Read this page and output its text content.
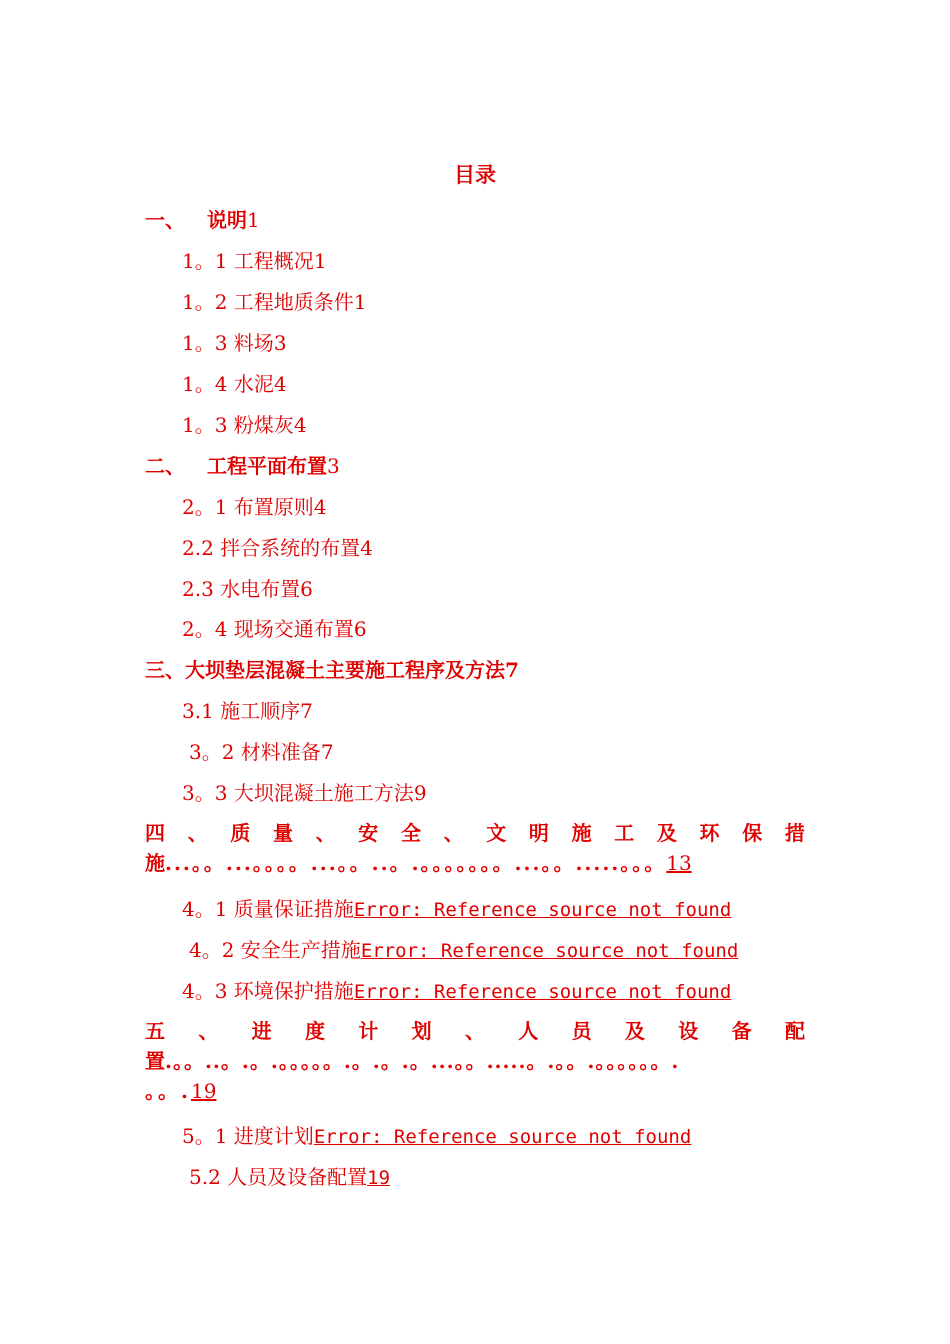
目录
一、 说明1
1。1 工程概况1
1。2 工程地质条件1
1。3 料场3
1。4 水泥4
1。3 粉煤灰4
二、 工程平面布置3
2。1 布置原则4
2.2 拌合系统的布置4
2.3 水电布置6
2。4 现场交通布置6
三、大坝垫层混凝土主要施工程序及方法7
3.1 施工顺序7
3。2 材料准备7
3。3 大坝混凝土施工方法9
四 、 质 量 、 安 全 、 文 明 施 工 及 环 保 措
施...。。...。。。。...。。..。.。。。。。。。...。。.....。。。13
4。1 质量保证措施Error: Reference source not found
4。2 安全生产措施Error: Reference source not found
4。3 环境保护措施Error: Reference source not found
五 、 进 度 计 划 、 人 员 及 设 备 配
置.。。..。.。.。。。。。.。.。.。...。。.....。.。。.。。。。。。.
。。.19
5。1 进度计划Error: Reference source not found
5.2 人员及设备配置19
